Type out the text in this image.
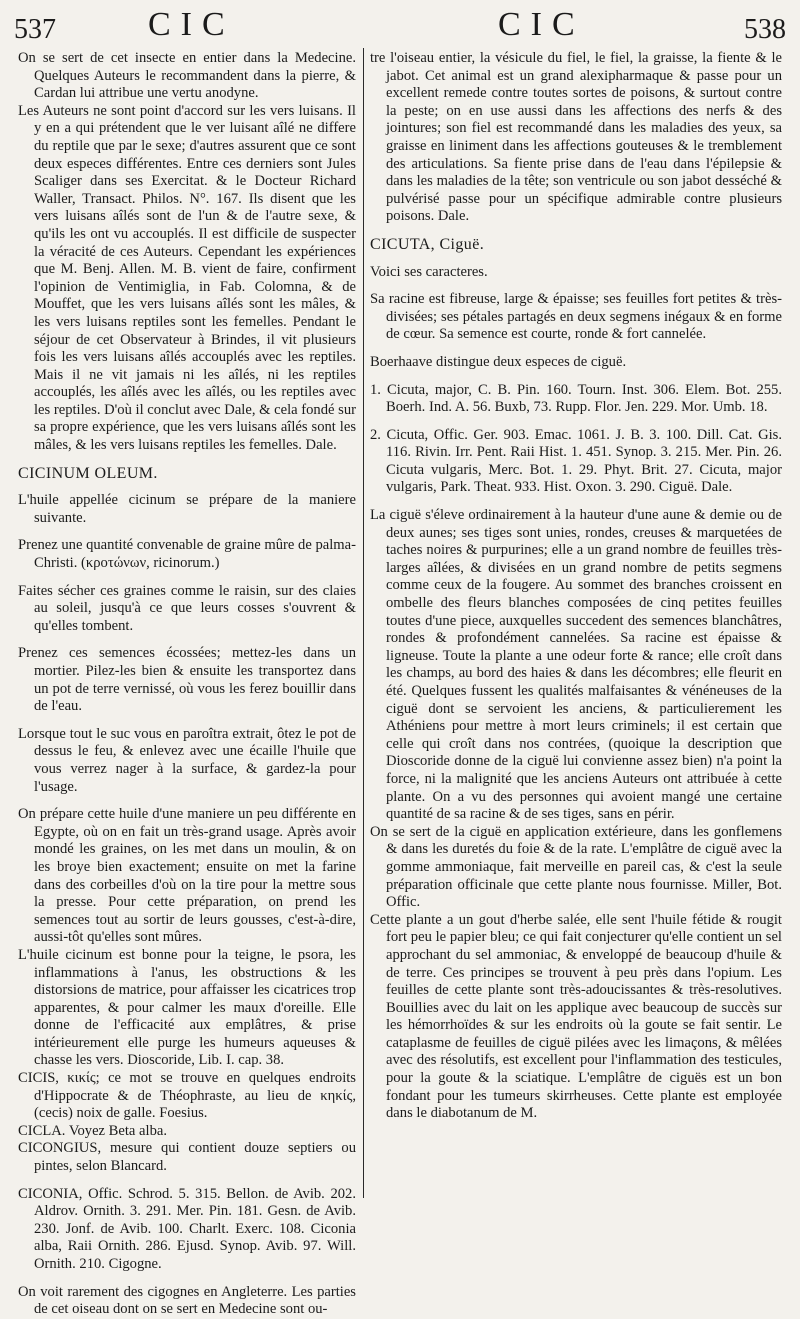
537	CIC	CIC	538

On se sert de cet insecte en entier dans la Medecine. Quelques Auteurs le recommandent dans la pierre, & Cardan lui attribue une vertu anodyne.

Les Auteurs ne sont point d'accord sur les vers luisans. Il y en a qui prétendent que le ver luisant aîlé ne differe du reptile que par le sexe; d'autres assurent que ce sont deux especes différentes. Entre ces derniers sont Jules Scaliger dans ses Exercitat. & le Docteur Richard Waller, Transact. Philos. N°. 167. Ils disent que les vers luisans aîlés sont de l'un & de l'autre sexe, & qu'ils les ont vu accouplés. Il est difficile de suspecter la véracité de ces Auteurs. Cependant les expériences que M. Benj. Allen. M. B. vient de faire, confirment l'opinion de Ventimiglia, in Fab. Colomna, & de Mouffet, que les vers luisans aîlés sont les mâles, & les vers luisans reptiles sont les femelles. Pendant le séjour de cet Observateur à Brindes, il vit plusieurs fois les vers luisans aîlés accouplés avec les reptiles. Mais il ne vit jamais ni les aîlés, ni les reptiles accouplés, les aîlés avec les aîlés, ou les reptiles avec les reptiles. D'où il conclut avec Dale, & cela fondé sur sa propre expérience, que les vers luisans aîlés sont les mâles, & les vers luisans reptiles les femelles. Dale.

CICINUM OLEUM.

L'huile appellée cicinum se prépare de la maniere suivante.

Prenez une quantité convenable de graine mûre de palma-Christi. (κροτώνων, ricinorum.)

Faites sécher ces graines comme le raisin, sur des claies au soleil, jusqu'à ce que leurs cosses s'ouvrent & qu'elles tombent.

Prenez ces semences écossées; mettez-les dans un mortier. Pilez-les bien & ensuite les transportez dans un pot de terre vernissé, où vous les ferez bouillir dans de l'eau.

Lorsque tout le suc vous en paroîtra extrait, ôtez le pot de dessus le feu, & enlevez avec une écaille l'huile que vous verrez nager à la surface, & gardez-la pour l'usage.

On prépare cette huile d'une maniere un peu différente en Egypte, où on en fait un très-grand usage. Après avoir mondé les graines, on les met dans un moulin, & on les broye bien exactement; ensuite on met la farine dans des corbeilles d'où on la tire pour la mettre sous la presse. Pour cette préparation, on prend les semences tout au sortir de leurs gousses, c'est-à-dire, aussi-tôt qu'elles sont mûres.

L'huile cicinum est bonne pour la teigne, le psora, les inflammations à l'anus, les obstructions & les distorsions de matrice, pour affaisser les cicatrices trop apparentes, & pour calmer les maux d'oreille. Elle donne de l'efficacité aux emplâtres, & prise intérieurement elle purge les humeurs aqueuses & chasse les vers. Dioscoride, Lib. I. cap. 38.

CICIS, κικίς; ce mot se trouve en quelques endroits d'Hippocrate & de Théophraste, au lieu de κηκίς, (cecis) noix de galle. Foesius.

CICLA. Voyez Beta alba.

CICONGIUS, mesure qui contient douze septiers ou pintes, selon Blancard.

CICONIA, Offic. Schrod. 5. 315. Bellon. de Avib. 202. Aldrov. Ornith. 3. 291. Mer. Pin. 181. Gesn. de Avib. 230. Jonf. de Avib. 100. Charlt. Exerc. 108. Ciconia alba, Raii Ornith. 286. Ejusd. Synop. Avib. 97. Will. Ornith. 210. Cigogne.

On voit rarement des cigognes en Angleterre. Les parties de cet oiseau dont on se sert en Medecine sont ou-

tre l'oiseau entier, la vésicule du fiel, le fiel, la graisse, la fiente & le jabot. Cet animal est un grand alexipharmaque & passe pour un excellent remede contre toutes sortes de poisons, & surtout contre la peste; on en use aussi dans les affections des nerfs & des jointures; son fiel est recommandé dans les maladies des yeux, sa graisse en liniment dans les affections gouteuses & le tremblement des articulations. Sa fiente prise dans de l'eau dans l'épilepsie & dans les maladies de la tête; son ventricule ou son jabot desséché & pulvérisé passe pour un spécifique admirable contre plusieurs poisons. Dale.

CICUTA, Ciguë.

Voici ses caracteres.

Sa racine est fibreuse, large & épaisse; ses feuilles fort petites & très-divisées; ses pétales partagés en deux segmens inégaux & en forme de cœur. Sa semence est courte, ronde & fort cannelée.

Boerhaave distingue deux especes de ciguë.

1. Cicuta, major, C. B. Pin. 160. Tourn. Inst. 306. Elem. Bot. 255. Boerh. Ind. A. 56. Buxb, 73. Rupp. Flor. Jen. 229. Mor. Umb. 18.

2. Cicuta, Offic. Ger. 903. Emac. 1061. J. B. 3. 100. Dill. Cat. Gis. 116. Rivin. Irr. Pent. Raii Hist. 1. 451. Synop. 3. 215. Mer. Pin. 26. Cicuta vulgaris, Merc. Bot. 1. 29. Phyt. Brit. 27. Cicuta, major vulgaris, Park. Theat. 933. Hist. Oxon. 3. 290. Ciguë. Dale.

La ciguë s'éleve ordinairement à la hauteur d'une aune & demie ou de deux aunes; ses tiges sont unies, rondes, creuses & marquetées de taches noires & purpurines; elle a un grand nombre de feuilles très-larges aîlées, & divisées en un grand nombre de petits segmens comme ceux de la fougere. Au sommet des branches croissent en ombelle des fleurs blanches composées de cinq petites feuilles toutes d'une piece, auxquelles succedent des semences blanchâtres, rondes & profondément cannelées. Sa racine est épaisse & ligneuse. Toute la plante a une odeur forte & rance; elle croît dans les champs, au bord des haies & dans les décombres; elle fleurit en été. Quelques fussent les qualités malfaisantes & vénéneuses de la ciguë dont se servoient les anciens, & particulierement les Athéniens pour mettre à mort leurs criminels; il est certain que celle qui croît dans nos contrées, (quoique la description que Dioscoride donne de la ciguë lui convienne assez bien) n'a point la force, ni la malignité que les anciens Auteurs ont attribuée à cette plante. On a vu des personnes qui avoient mangé une certaine quantité de sa racine & de ses tiges, sans en périr.

On se sert de la ciguë en application extérieure, dans les gonflemens & dans les duretés du foie & de la rate. L'emplâtre de ciguë avec la gomme ammoniaque, fait merveille en pareil cas, & c'est la seule préparation officinale que cette plante nous fournisse. Miller, Bot. Offic.

Cette plante a un gout d'herbe salée, elle sent l'huile fétide & rougit fort peu le papier bleu; ce qui fait conjecturer qu'elle contient un sel approchant du sel ammoniac, & enveloppé de beaucoup d'huile & de terre. Ces principes se trouvent à peu près dans l'opium. Les feuilles de cette plante sont très-adoucissantes & très-resolutives. Bouillies avec du lait on les applique avec beaucoup de succès sur les hémorrhoïdes & sur les endroits où la goute se fait sentir. Le cataplasme de feuilles de ciguë pilées avec les limaçons, & mêlées avec des résolutifs, est excellent pour l'inflammation des testicules, pour la goute & la sciatique. L'emplâtre de ciguës est un bon fondant pour les tumeurs skirrheuses. Cette plante est employée dans le diabotanum de M.
